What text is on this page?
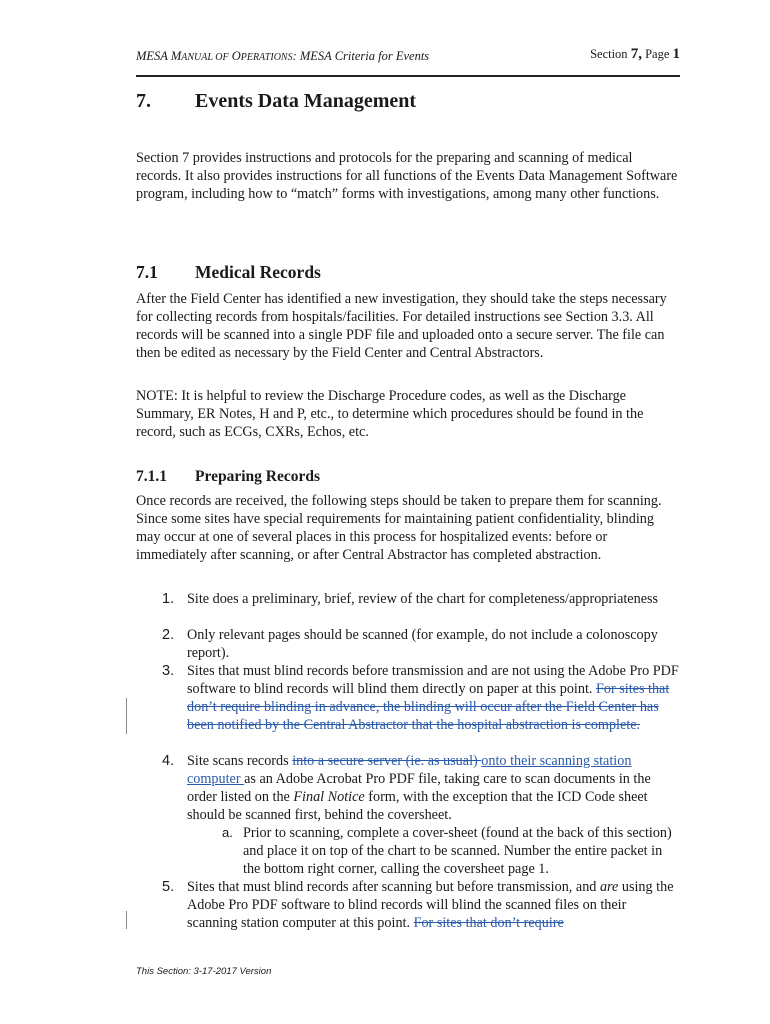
MESA MANUAL OF OPERATIONS: MESA Criteria for Events	Section 7, Page 1
7. Events Data Management

Section 7 provides instructions and protocols for the preparing and scanning of medical records. It also provides instructions for all functions of the Events Data Management Software program, including how to “match” forms with investigations, among many other functions.

7.1 Medical Records

After the Field Center has identified a new investigation, they should take the steps necessary for collecting records from hospitals/facilities. For detailed instructions see Section 3.3. All records will be scanned into a single PDF file and uploaded onto a secure server. The file can then be edited as necessary by the Field Center and Central Abstractors.

NOTE: It is helpful to review the Discharge Procedure codes, as well as the Discharge Summary, ER Notes, H and P, etc., to determine which procedures should be found in the record, such as ECGs, CXRs, Echos, etc.

7.1.1 Preparing Records

Once records are received, the following steps should be taken to prepare them for scanning. Since some sites have special requirements for maintaining patient confidentiality, blinding may occur at one of several places in this process for hospitalized events: before or immediately after scanning, or after Central Abstractor has completed abstraction.

1. Site does a preliminary, brief, review of the chart for completeness/appropriateness
2. Only relevant pages should be scanned (for example, do not include a colonoscopy report).
3. Sites that must blind records before transmission and are not using the Adobe Pro PDF software to blind records will blind them directly on paper at this point. For sites that don’t require blinding in advance, the blinding will occur after the Field Center has been notified by the Central Abstractor that the hospital abstraction is complete.
4. Site scans records into a secure server (ie. as usual) onto their scanning station computer as an Adobe Acrobat Pro PDF file, taking care to scan documents in the order listed on the Final Notice form, with the exception that the ICD Code sheet should be scanned first, behind the coversheet.
a. Prior to scanning, complete a cover-sheet (found at the back of this section) and place it on top of the chart to be scanned. Number the entire packet in the bottom right corner, calling the coversheet page 1.
5. Sites that must blind records after scanning but before transmission, and are using the Adobe Pro PDF software to blind records will blind the scanned files on their scanning station computer at this point. For sites that don’t require
This Section: 3-17-2017 Version
